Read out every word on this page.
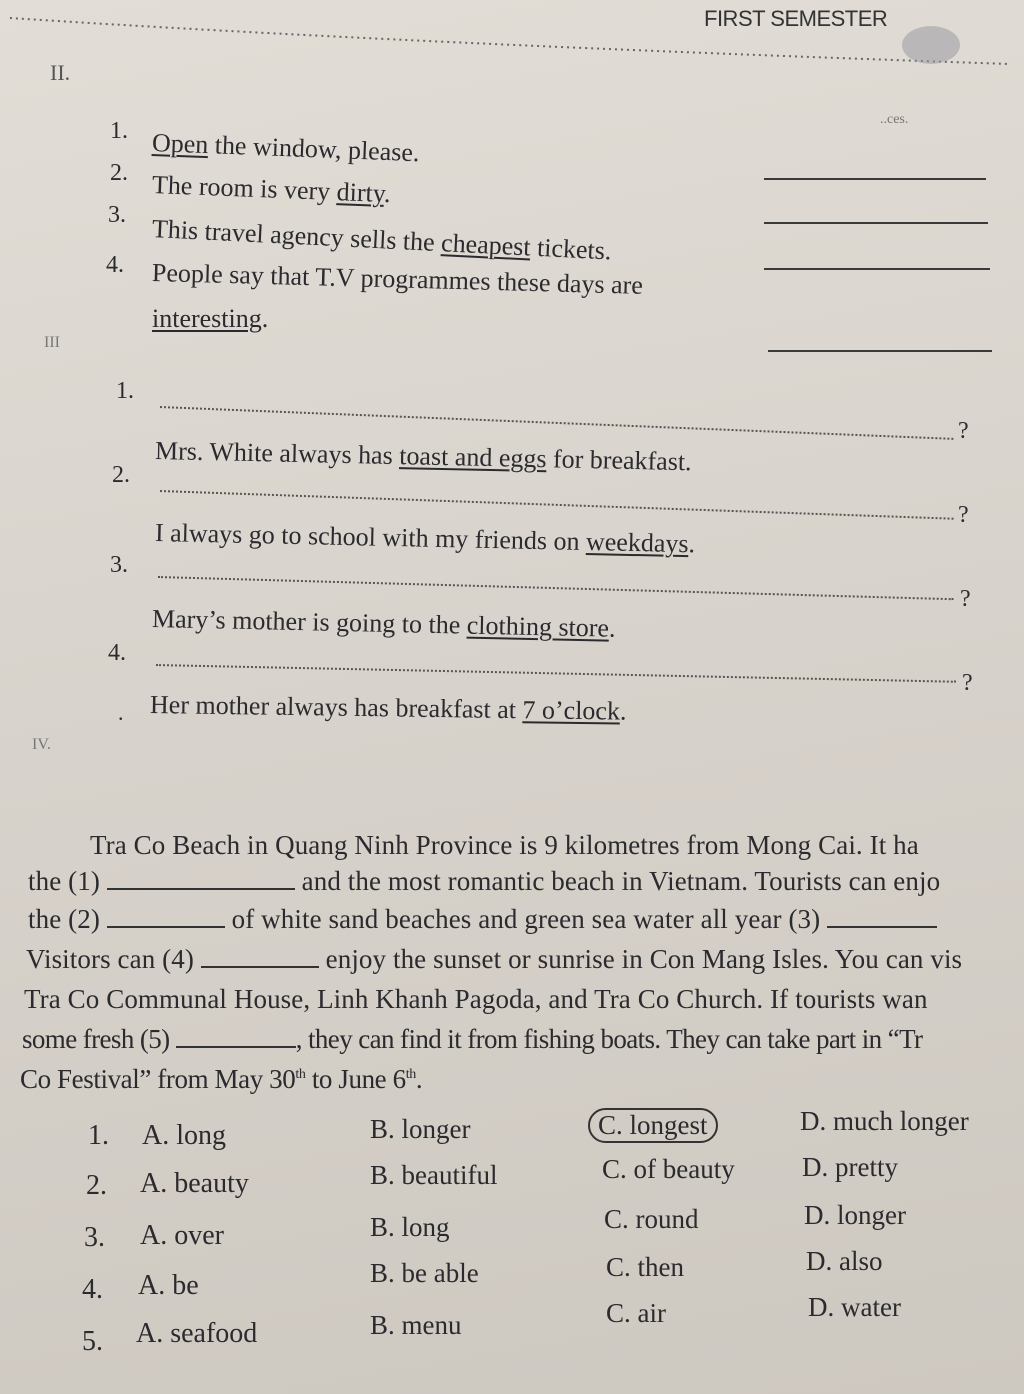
FIRST SEMESTER
II.
..ces.
1. Open the window, please.
2. The room is very dirty.
3. This travel agency sells the cheapest tickets.
4. People say that T.V programmes these days are
interesting.
III
1.
?
Mrs. White always has toast and eggs for breakfast.
2.
?
I always go to school with my friends on weekdays.
3.
?
Mary’s mother is going to the clothing store.
4.
?
. Her mother always has breakfast at 7 o’clock.
IV.
Tra Co Beach in Quang Ninh Province is 9 kilometres from Mong Cai. It ha
the (1)	and the most romantic beach in Vietnam. Tourists can enjo
the (2)	of white sand beaches and green sea water all year (3)
Visitors can (4)	enjoy the sunset or sunrise in Con Mang Isles. You can vis
Tra Co Communal House, Linh Khanh Pagoda, and Tra Co Church. If tourists wan
some fresh (5)	, they can find it from fishing boats. They can take part in “Tr
Co Festival” from May 30th to June 6th.
1. A. long	B. longer	C. longest	D. much longer
2. A. beauty	B. beautiful	C. of beauty D. pretty
3. A. over	B. long	C. round	D. longer
4. A. be	B. be able	C. then	D. also
5. A. seafood	B. menu	C. air	D. water
